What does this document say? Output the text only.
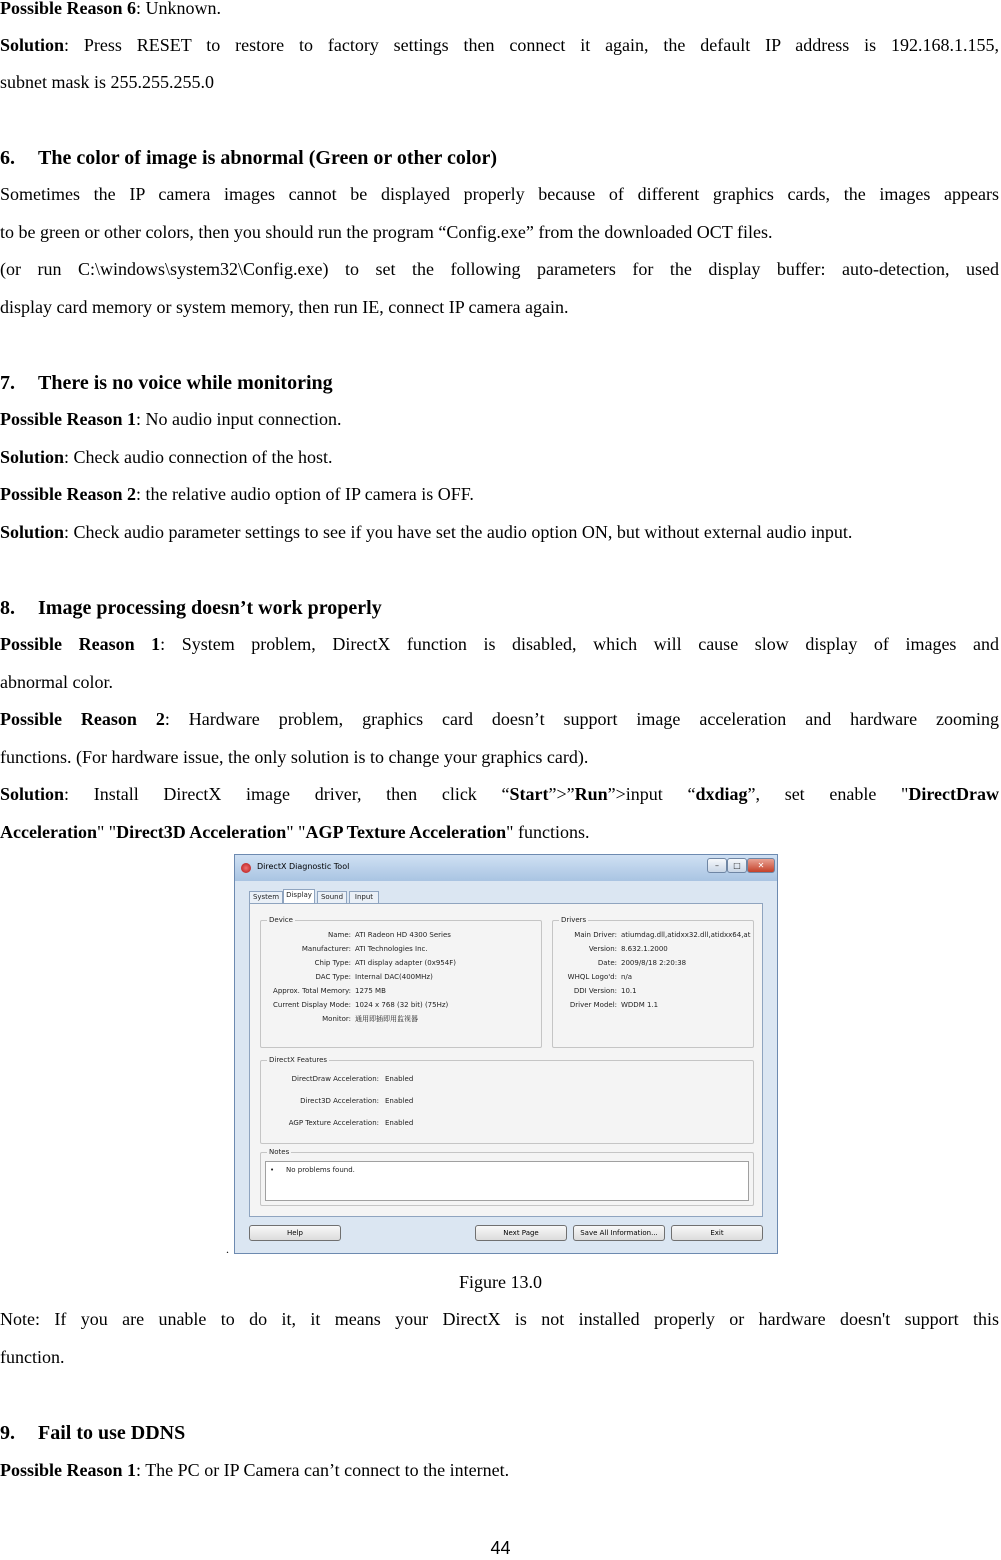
Possible Reason 6: Unknown.

Solution: Press RESET to restore to factory settings then connect it again, the default IP address is 192.168.1.155,

subnet mask is 255.255.255.0

6. The color of image is abnormal (Green or other color)

Sometimes the IP camera images cannot be displayed properly because of different graphics cards, the images appears

to be green or other colors, then you should run the program “Config.exe” from the downloaded OCT files.

(or run C:\windows\system32\Config.exe) to set the following parameters for the display buffer: auto-detection, used

display card memory or system memory, then run IE, connect IP camera again.

7. There is no voice while monitoring

Possible Reason 1: No audio input connection.

Solution: Check audio connection of the host.

Possible Reason 2: the relative audio option of IP camera is OFF.

Solution: Check audio parameter settings to see if you have set the audio option ON, but without external audio input.

8. Image processing doesn’t work properly

Possible Reason 1: System problem, DirectX function is disabled, which will cause slow display of images and

abnormal color.

Possible Reason 2: Hardware problem, graphics card doesn’t support image acceleration and hardware zooming

functions. (For hardware issue, the only solution is to change your graphics card).

Solution: Install DirectX image driver, then click “Start”>”Run”>input “dxdiag”, set enable "DirectDraw

Acceleration" "Direct3D Acceleration" "AGP Texture Acceleration" functions.

.
DirectX Diagnostic Tool	–	□	✕
System	Display	Sound	Input
Device
Name: ATI Radeon HD 4300 Series
Manufacturer: ATI Technologies Inc.
Chip Type: ATI display adapter (0x954F)
DAC Type: Internal DAC(400MHz)
Approx. Total Memory: 1275 MB
Current Display Mode: 1024 x 768 (32 bit) (75Hz)
Monitor: 通用即插即用监视器
Drivers
Main Driver: atiumdag.dll,atidxx32.dll,atidxx64,at
Version: 8.632.1.2000
Date: 2009/8/18 2:20:38
WHQL Logo'd: n/a
DDI Version: 10.1
Driver Model: WDDM 1.1
DirectX Features
DirectDraw Acceleration: Enabled
Direct3D Acceleration: Enabled
AGP Texture Acceleration: Enabled
Notes
• No problems found.
Help	Next Page	Save All Information...	Exit
Figure 13.0

Note: If you are unable to do it, it means your DirectX is not installed properly or hardware doesn't support this

function.

9. Fail to use DDNS

Possible Reason 1: The PC or IP Camera can’t connect to the internet.

44
